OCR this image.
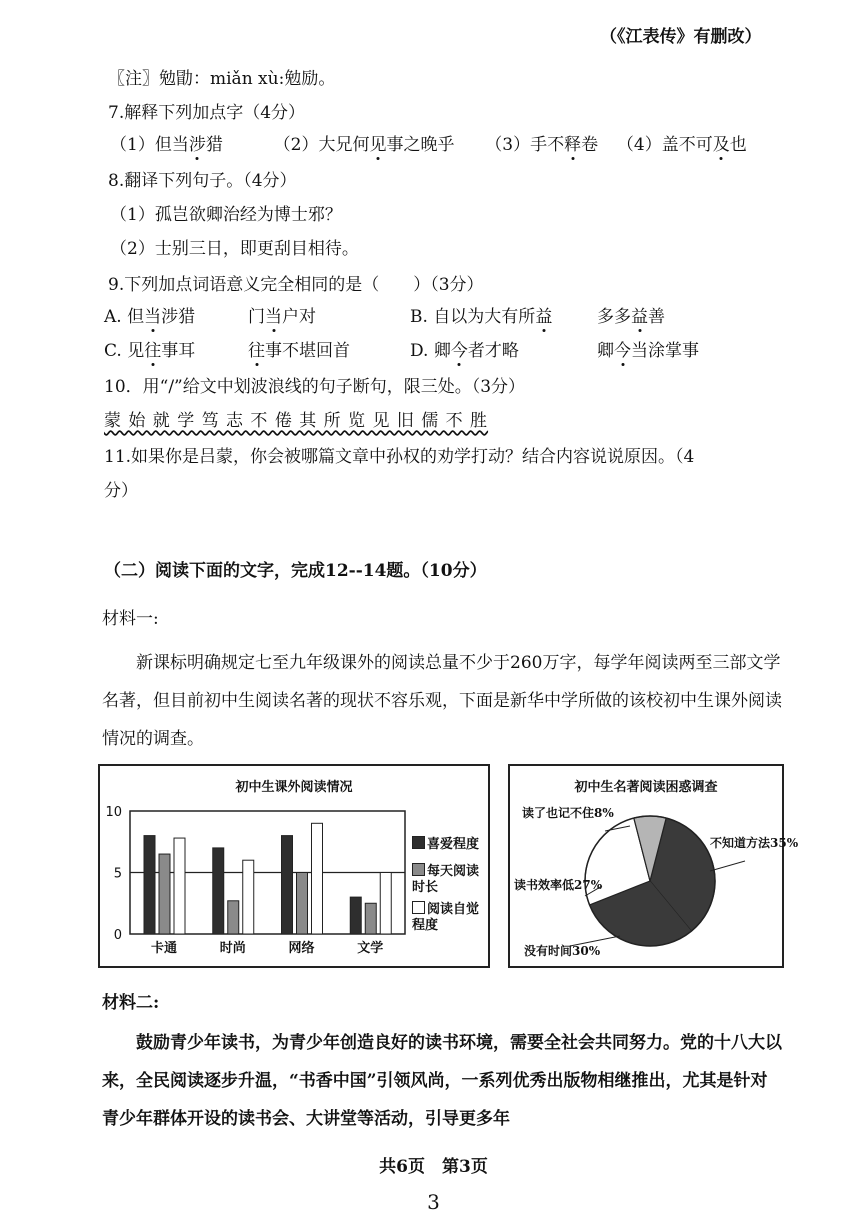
（《江表传》有删改）
〖注〗勉勖：miǎn xù:勉励。
7.解释下列加点字（4分）
（1）但当涉猎	（2）大兄何见事之晚乎 （3）手不释卷 （4）盖不可及也
8.翻译下列句子。（4分）
（1）孤岂欲卿治经为博士邪？
（2）士别三日，即更刮目相待。
9.下列加点词语意义完全相同的是（　　）（3分）
A. 但当涉猎	门当户对	B. 自以为大有所益	多多益善
C. 见往事耳	往事不堪回首	D. 卿今者才略	卿今当涂掌事
10．用“/”给文中划波浪线的句子断句，限三处。（3分）
蒙 始 就 学 笃 志 不 倦 其 所 览 见 旧 儒 不 胜
11.如果你是吕蒙，你会被哪篇文章中孙权的劝学打动？结合内容说说原因。（4
分）
（二）阅读下面的文字，完成12--14题。（10分）
材料一:
新课标明确规定七至九年级课外的阅读总量不少于260万字，每学年阅读两至三部文学名著，但目前初中生阅读名著的现状不容乐观，下面是新华中学所做的该校初中生课外阅读情况的调查。
初中生课外阅读情况
0
5
10
卡通	时尚	网络	文学
喜爱程度
每天阅读时长
阅读自觉程度
初中生名著阅读困惑调查
不知道方法35%
没有时间30%
读书效率低27%
读了也记不住8%
材料二:
鼓励青少年读书，为青少年创造良好的读书环境，需要全社会共同努力。党的十八大以来，全民阅读逐步升温，“书香中国”引领风尚，一系列优秀出版物相继推出，尤其是针对青少年群体开设的读书会、大讲堂等活动，引导更多年
共6页　第3页
3
